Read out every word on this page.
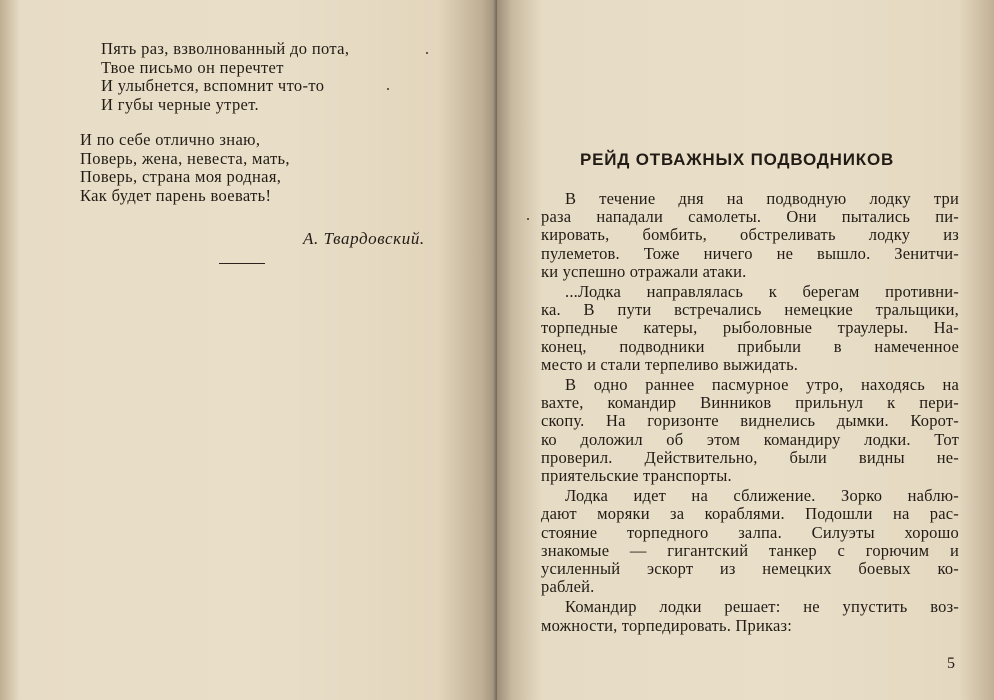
Пять раз, взволнованный до пота,
Твое письмо он перечтет
И улыбнется, вспомнит что-то
И губы черные утрет.
И по себе отлично знаю,
Поверь, жена, невеста, мать,
Поверь, страна моя родная,
Как будет парень воевать!
А. Твардовский.
РЕЙД ОТВАЖНЫХ ПОДВОДНИКОВ

В течение дня на подводную лодку три
раза нападали самолеты. Они пытались пи-
кировать, бомбить, обстреливать лодку из
пулеметов. Тоже ничего не вышло. Зенитчи-
ки успешно отражали атаки.

...Лодка направлялась к берегам противни-
ка. В пути встречались немецкие тральщики,
торпедные катеры, рыболовные траулеры. На-
конец, подводники прибыли в намеченное
место и стали терпеливо выжидать.

В одно раннее пасмурное утро, находясь на
вахте, командир Винников прильнул к пери-
скопу. На горизонте виднелись дымки. Корот-
ко доложил об этом командиру лодки. Тот
проверил. Действительно, были видны не-
приятельские транспорты.

Лодка идет на сближение. Зорко наблю-
дают моряки за кораблями. Подошли на рас-
стояние торпедного залпа. Силуэты хорошо
знакомые — гигантский танкер с горючим и
усиленный эскорт из немецких боевых ко-
раблей.

Командир лодки решает: не упустить воз-
можности, торпедировать. Приказ:

5
